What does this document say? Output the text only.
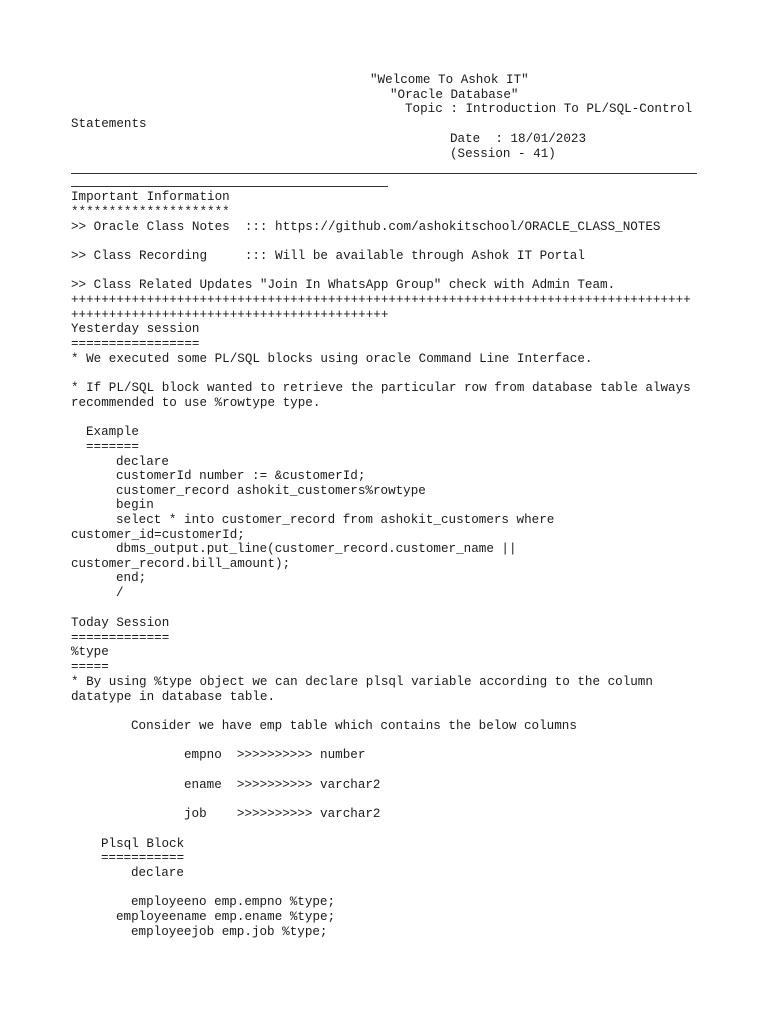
"Welcome To Ashok IT"
"Oracle Database"
Topic : Introduction To PL/SQL-Control
Statements
Date  : 18/01/2023
(Session - 41)
Important Information
*********************
>> Oracle Class Notes  ::: https://github.com/ashokitschool/ORACLE_CLASS_NOTES
>> Class Recording     ::: Will be available through Ashok IT Portal
>> Class Related Updates "Join In WhatsApp Group" check with Admin Team.
++++++++++++++++++++++++++++++++++++++++++++++++++++++++++++++++++++++++++++++++++
++++++++++++++++++++++++++++++++++++++++++
Yesterday session
=================
* We executed some PL/SQL blocks using oracle Command Line Interface.
* If PL/SQL block wanted to retrieve the particular row from database table always
recommended to use %rowtype type.
Example
=======
declare
customerId number := &customerId;
customer_record ashokit_customers%rowtype
begin
select * into customer_record from ashokit_customers where
customer_id=customerId;
dbms_output.put_line(customer_record.customer_name ||
customer_record.bill_amount);
end;
/
Today Session
=============
%type
=====
* By using %type object we can declare plsql variable according to the column
datatype in database table.
Consider we have emp table which contains the below columns
empno  >>>>>>>>>> number
ename  >>>>>>>>>> varchar2
job    >>>>>>>>>> varchar2
Plsql Block
===========
declare
employeeno emp.empno %type;
employeename emp.ename %type;
employeejob emp.job %type;
